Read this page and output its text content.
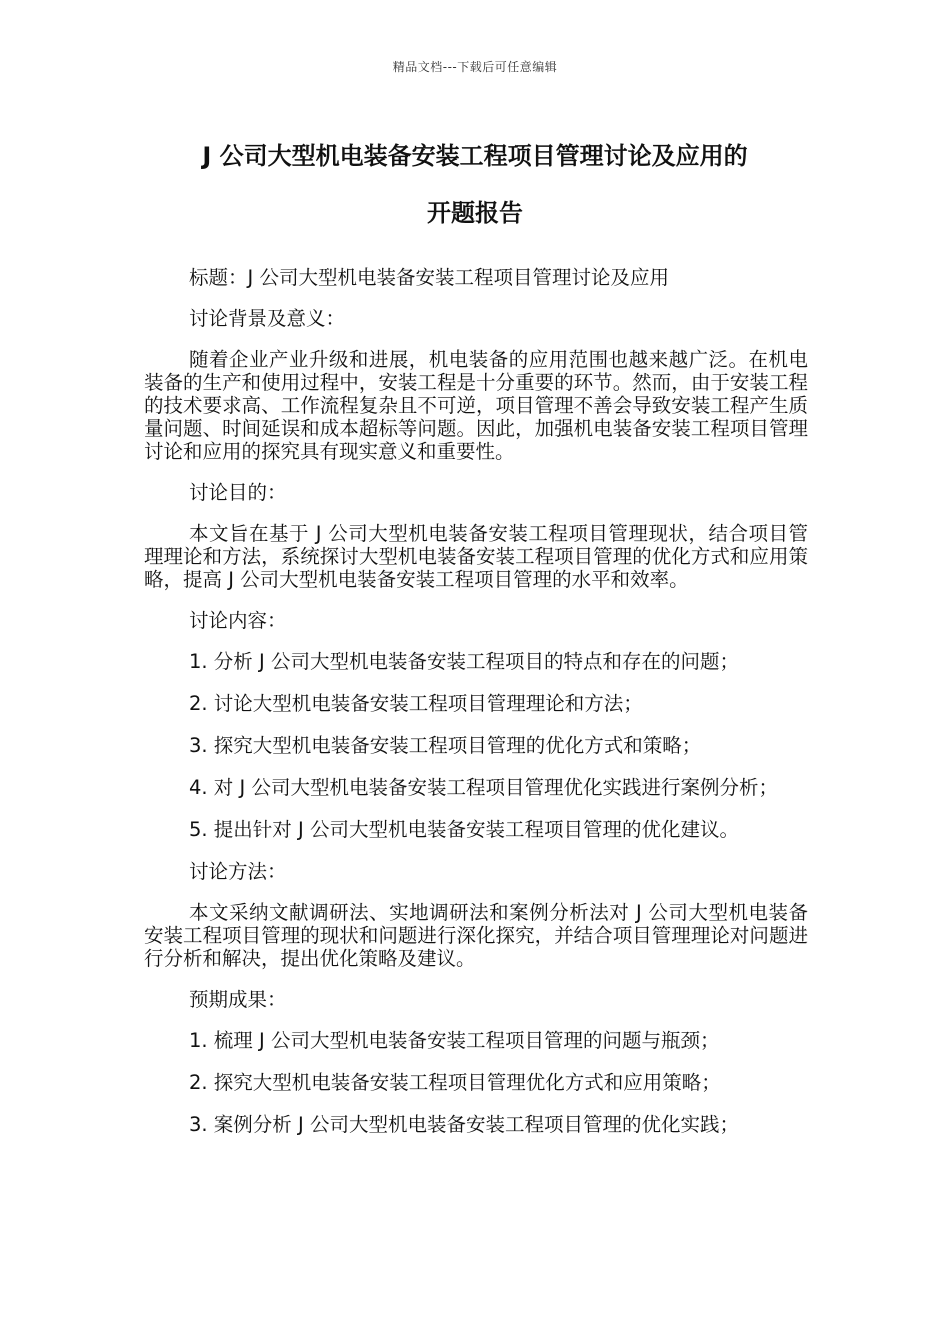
精品文档---下载后可任意编辑
J 公司大型机电装备安装工程项目管理讨论及应用的
开题报告

标题：J 公司大型机电装备安装工程项目管理讨论及应用

讨论背景及意义：

随着企业产业升级和进展，机电装备的应用范围也越来越广泛。在机电装备的生产和使用过程中，安装工程是十分重要的环节。然而，由于安装工程的技术要求高、工作流程复杂且不可逆，项目管理不善会导致安装工程产生质量问题、时间延误和成本超标等问题。因此，加强机电装备安装工程项目管理讨论和应用的探究具有现实意义和重要性。

讨论目的：

本文旨在基于 J 公司大型机电装备安装工程项目管理现状，结合项目管理理论和方法，系统探讨大型机电装备安装工程项目管理的优化方式和应用策略，提高 J 公司大型机电装备安装工程项目管理的水平和效率。

讨论内容：

1. 分析 J 公司大型机电装备安装工程项目的特点和存在的问题；

2. 讨论大型机电装备安装工程项目管理理论和方法；

3. 探究大型机电装备安装工程项目管理的优化方式和策略；

4. 对 J 公司大型机电装备安装工程项目管理优化实践进行案例分析；

5. 提出针对 J 公司大型机电装备安装工程项目管理的优化建议。

讨论方法：

本文采纳文献调研法、实地调研法和案例分析法对 J 公司大型机电装备安装工程项目管理的现状和问题进行深化探究，并结合项目管理理论对问题进行分析和解决，提出优化策略及建议。

预期成果：

1. 梳理 J 公司大型机电装备安装工程项目管理的问题与瓶颈；

2. 探究大型机电装备安装工程项目管理优化方式和应用策略；

3. 案例分析 J 公司大型机电装备安装工程项目管理的优化实践；
